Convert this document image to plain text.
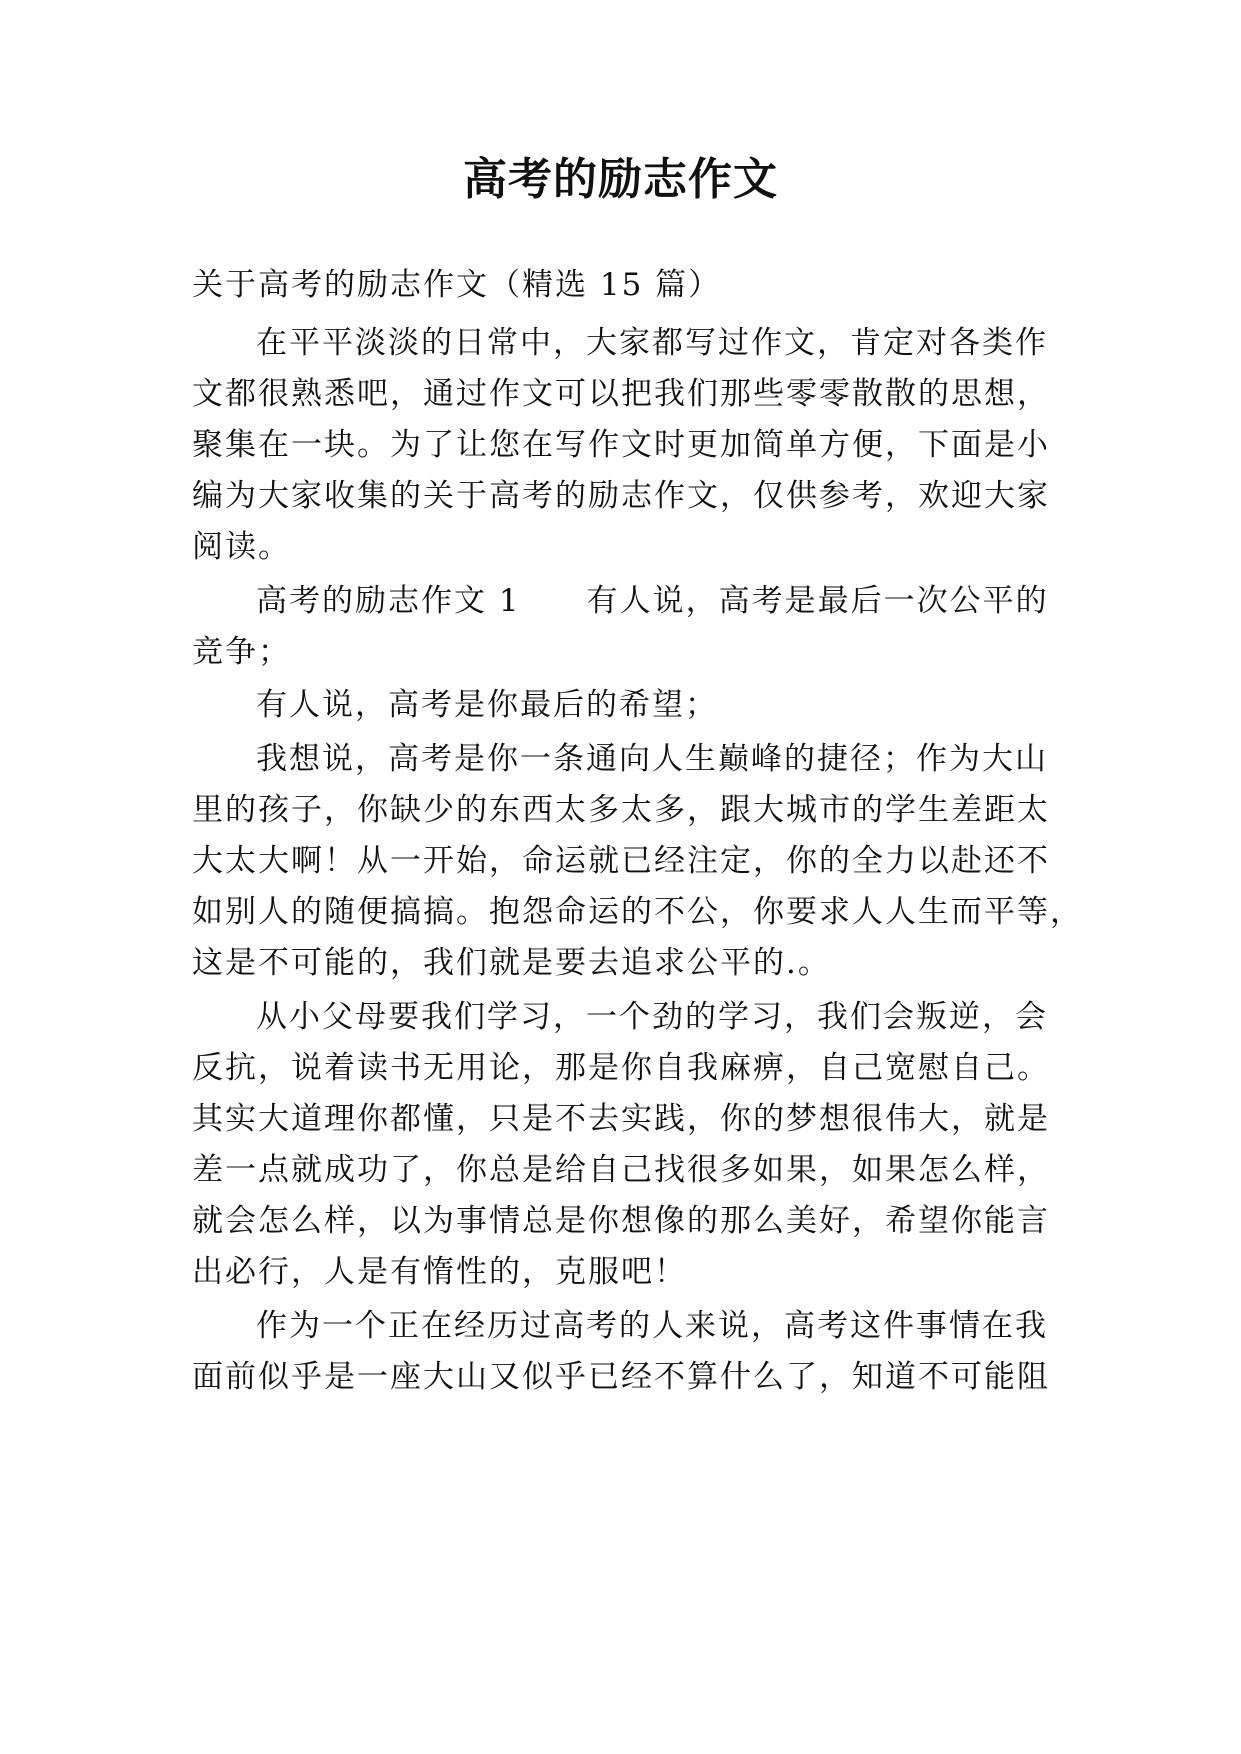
高考的励志作文
关于高考的励志作文（精选 15 篇）
在平平淡淡的日常中，大家都写过作文，肯定对各类作
文都很熟悉吧，通过作文可以把我们那些零零散散的思想，
聚集在一块。为了让您在写作文时更加简单方便，下面是小
编为大家收集的关于高考的励志作文，仅供参考，欢迎大家
阅读。
高考的励志作文 1　　有人说，高考是最后一次公平的
竞争；
有人说，高考是你最后的希望；
我想说，高考是你一条通向人生巅峰的捷径；作为大山
里的孩子，你缺少的东西太多太多，跟大城市的学生差距太
大太大啊！从一开始，命运就已经注定，你的全力以赴还不
如别人的随便搞搞。抱怨命运的不公，你要求人人生而平等，
这是不可能的，我们就是要去追求公平的.。
从小父母要我们学习，一个劲的学习，我们会叛逆，会
反抗，说着读书无用论，那是你自我麻痹，自己宽慰自己。
其实大道理你都懂，只是不去实践，你的梦想很伟大，就是
差一点就成功了，你总是给自己找很多如果，如果怎么样，
就会怎么样，以为事情总是你想像的那么美好，希望你能言
出必行，人是有惰性的，克服吧！
作为一个正在经历过高考的人来说，高考这件事情在我
面前似乎是一座大山又似乎已经不算什么了，知道不可能阻
